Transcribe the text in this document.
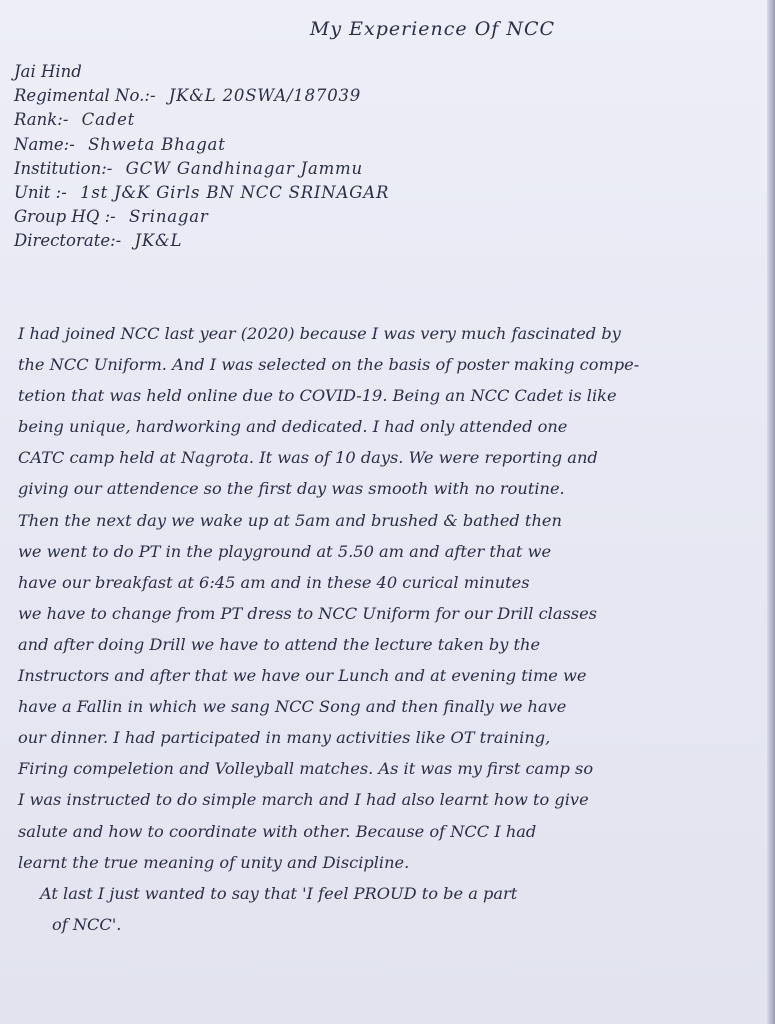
My Experience Of NCC
Jai Hind
Regimental No.:- JK&L 20SWA/187039
Rank:- Cadet
Name:- Shweta Bhagat
Institution:- GCW Gandhinagar Jammu
Unit :- 1st J&K Girls BN NCC SRINAGAR
Group HQ :- Srinagar
Directorate:- JK&L
I had joined NCC last year (2020) because I was very much fascinated by
the NCC Uniform. And I was selected on the basis of poster making compe-
tetion that was held online due to COVID-19. Being an NCC Cadet is like
being unique, hardworking and dedicated. I had only attended one
CATC camp held at Nagrota. It was of 10 days. We were reporting and
giving our attendence so the first day was smooth with no routine.
Then the next day we wake up at 5am and brushed & bathed then
we went to do PT in the playground at 5.50 am and after that we
have our breakfast at 6:45 am and in these 40 curical minutes
we have to change from PT dress to NCC Uniform for our Drill classes
and after doing Drill we have to attend the lecture taken by the
Instructors and after that we have our Lunch and at evening time we
have a Fallin in which we sang NCC Song and then finally we have
our dinner. I had participated in many activities like OT training,
Firing compeletion and Volleyball matches. As it was my first camp so
I was instructed to do simple march and I had also learnt how to give
salute and how to coordinate with other. Because of NCC I had
learnt the true meaning of unity and Discipline.
At last I just wanted to say that 'I feel PROUD to be a part
of NCC'.
